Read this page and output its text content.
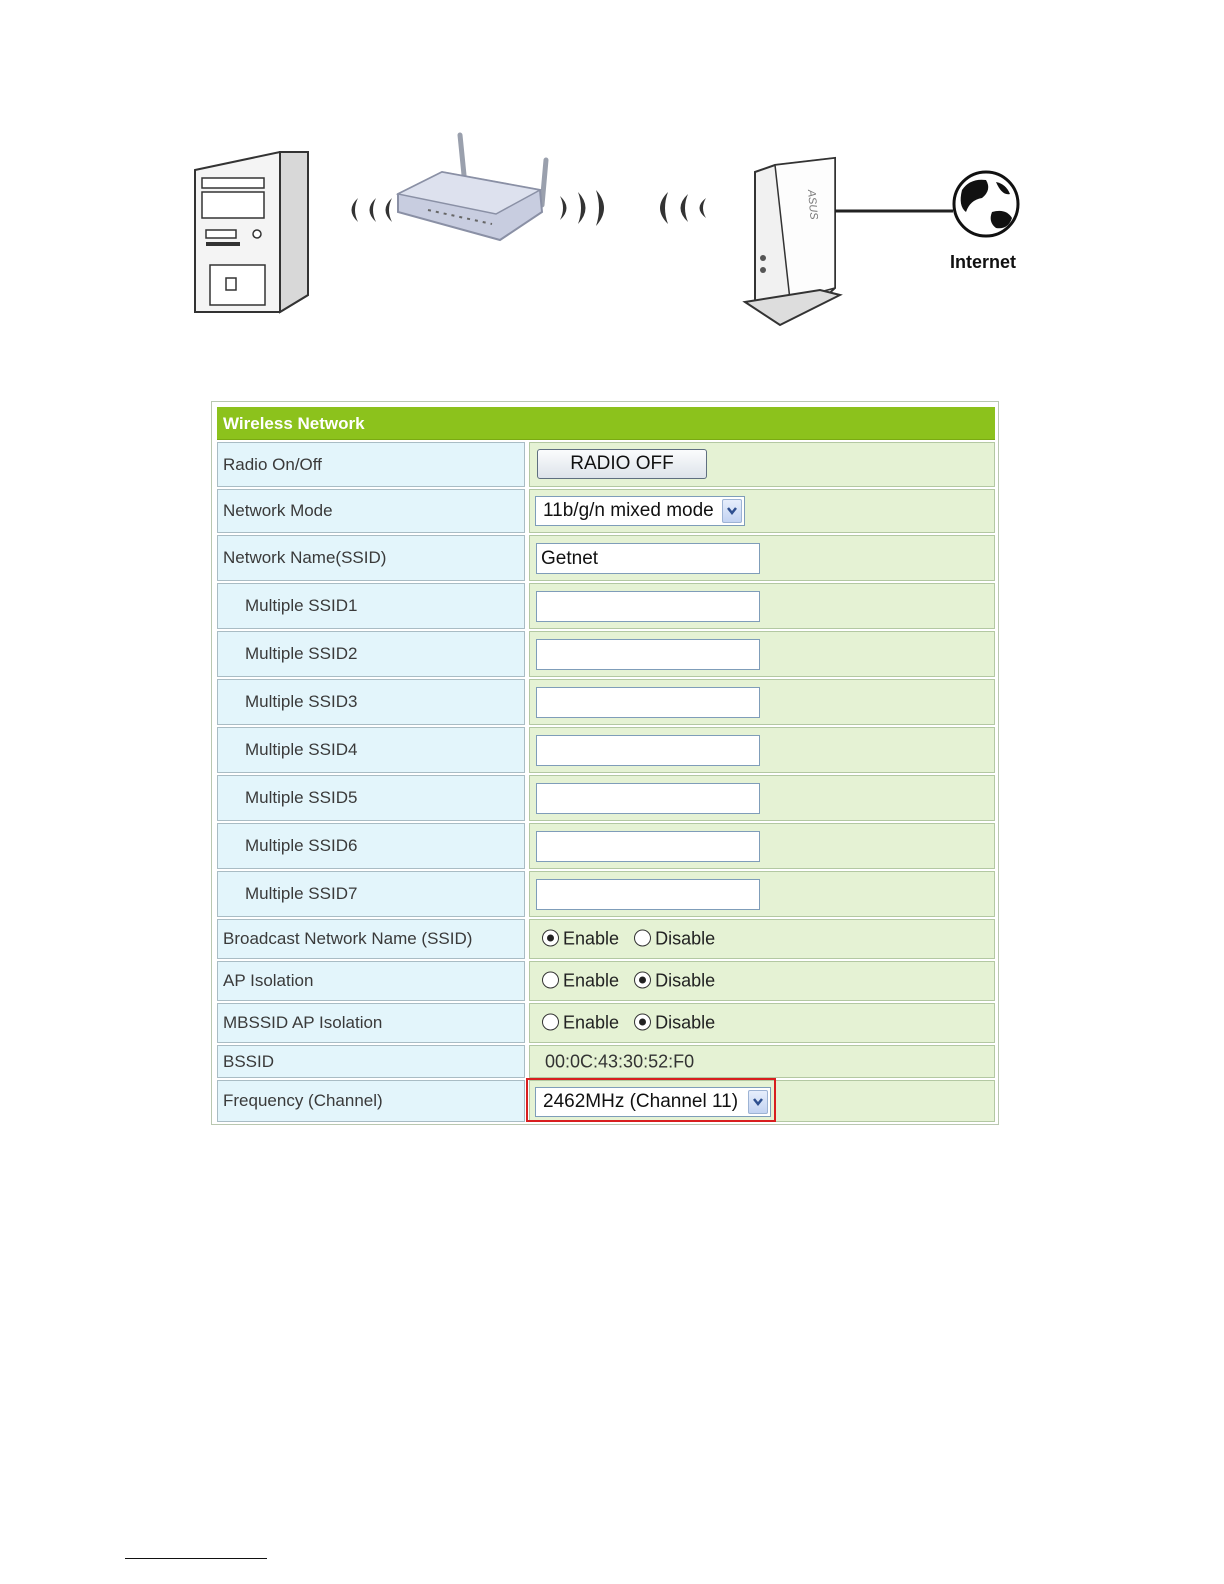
ASUS
Internet
Wireless Network
Radio On/Off	RADIO OFF
Network Mode	11b/g/n mixed mode
Network Name(SSID)	Getnet
Multiple SSID1
Multiple SSID2
Multiple SSID3
Multiple SSID4
Multiple SSID5
Multiple SSID6
Multiple SSID7
Broadcast Network Name (SSID)	Enable Disable
AP Isolation	Enable Disable
MBSSID AP Isolation	Enable Disable
BSSID	00:0C:43:30:52:F0
Frequency (Channel)	2462MHz (Channel 11)
